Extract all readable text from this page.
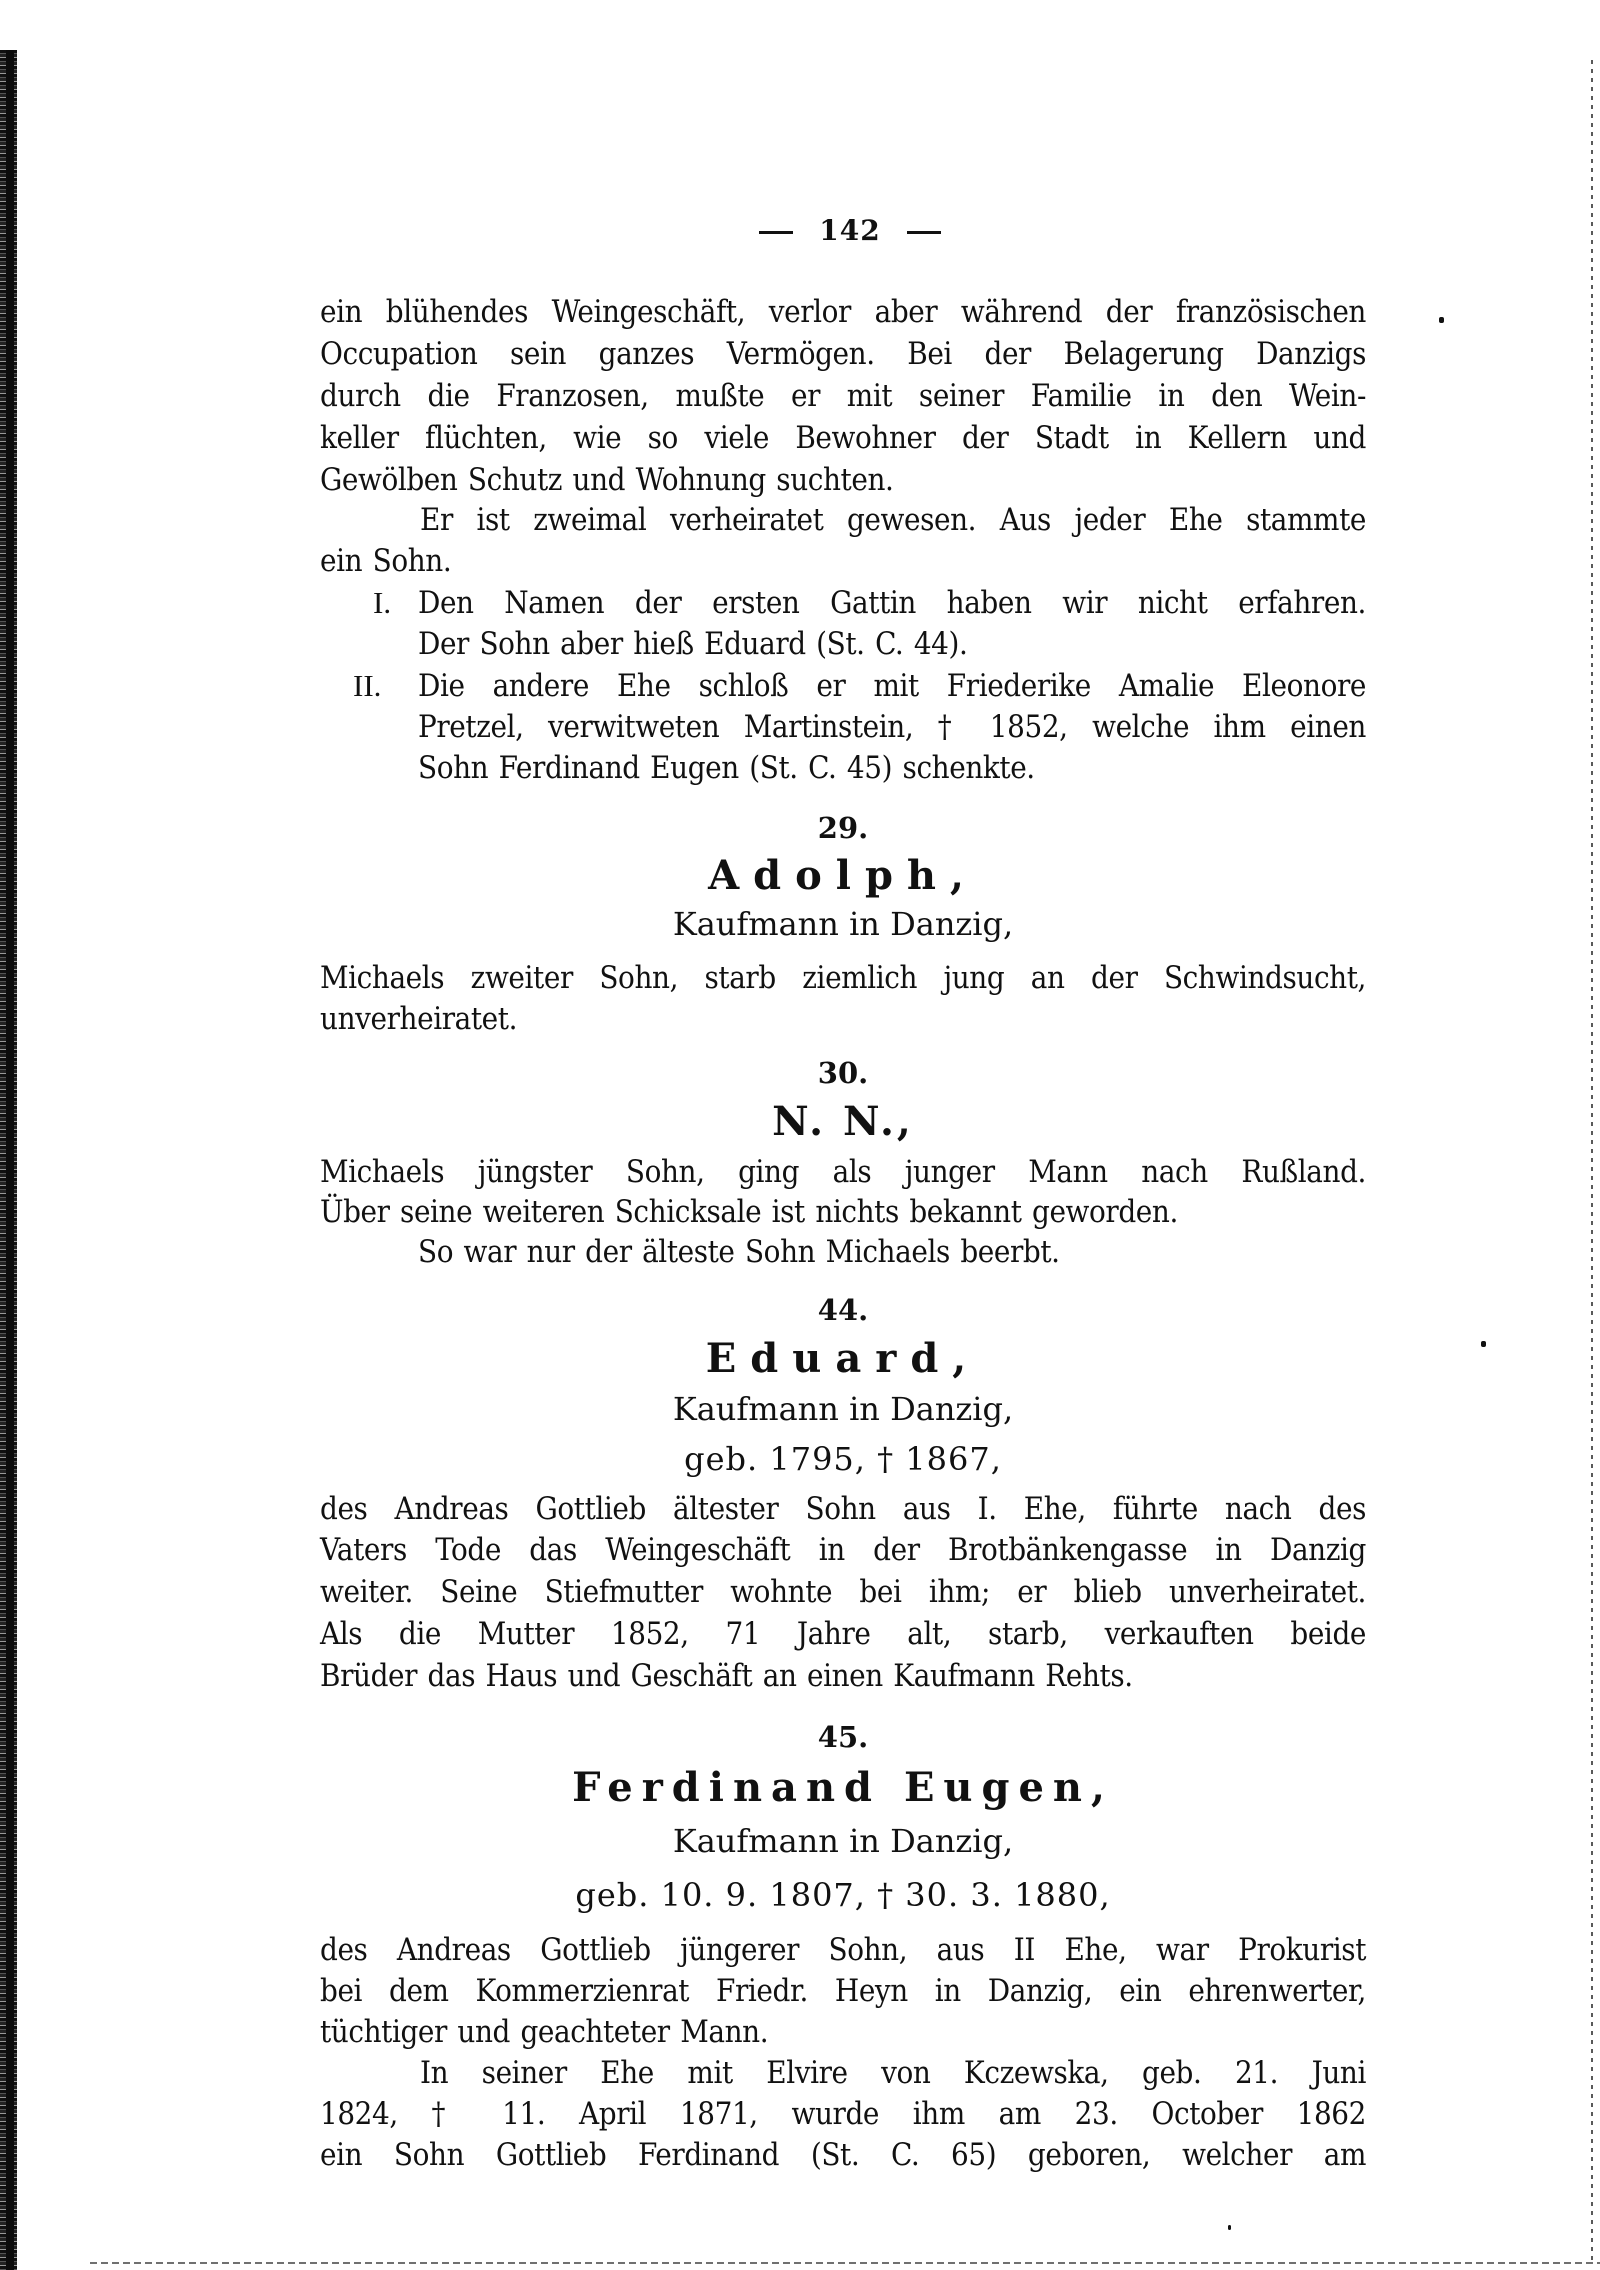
142
ein blühendes Weingeschäft, verlor aber während der französischen
Occupation sein ganzes Vermögen. Bei der Belagerung Danzigs
durch die Franzosen, mußte er mit seiner Familie in den Wein-
keller flüchten, wie so viele Bewohner der Stadt in Kellern und
Gewölben Schutz und Wohnung suchten.
Er ist zweimal verheiratet gewesen. Aus jeder Ehe stammte
ein Sohn.
I. Den Namen der ersten Gattin haben wir nicht erfahren.
Der Sohn aber hieß Eduard (St. C. 44).
II.	Die andere Ehe schloß er mit Friederike Amalie Eleonore
Pretzel, verwitweten Martinstein, † 1852, welche ihm einen
Sohn Ferdinand Eugen (St. C. 45) schenkte.
29.
Adolph,
Kaufmann in Danzig,
Michaels zweiter Sohn, starb ziemlich jung an der Schwindsucht,
unverheiratet.
30.
N. N.,
Michaels jüngster Sohn, ging als junger Mann nach Rußland.
Über seine weiteren Schicksale ist nichts bekannt geworden.
So war nur der älteste Sohn Michaels beerbt.
44.
Eduard,
Kaufmann in Danzig,
geb. 1795, † 1867,
des Andreas Gottlieb ältester Sohn aus I. Ehe, führte nach des
Vaters Tode das Weingeschäft in der Brotbänkengasse in Danzig
weiter. Seine Stiefmutter wohnte bei ihm; er blieb unverheiratet.
Als die Mutter 1852, 71 Jahre alt, starb, verkauften beide
Brüder das Haus und Geschäft an einen Kaufmann Rehts.
45.
Ferdinand Eugen,
Kaufmann in Danzig,
geb. 10. 9. 1807, † 30. 3. 1880,
des Andreas Gottlieb jüngerer Sohn, aus II Ehe, war Prokurist
bei dem Kommerzienrat Friedr. Heyn in Danzig, ein ehrenwerter,
tüchtiger und geachteter Mann.
In seiner Ehe mit Elvire von Kczewska, geb. 21. Juni
1824, † 11. April 1871, wurde ihm am 23. October 1862
ein Sohn Gottlieb Ferdinand (St. C. 65) geboren, welcher am
